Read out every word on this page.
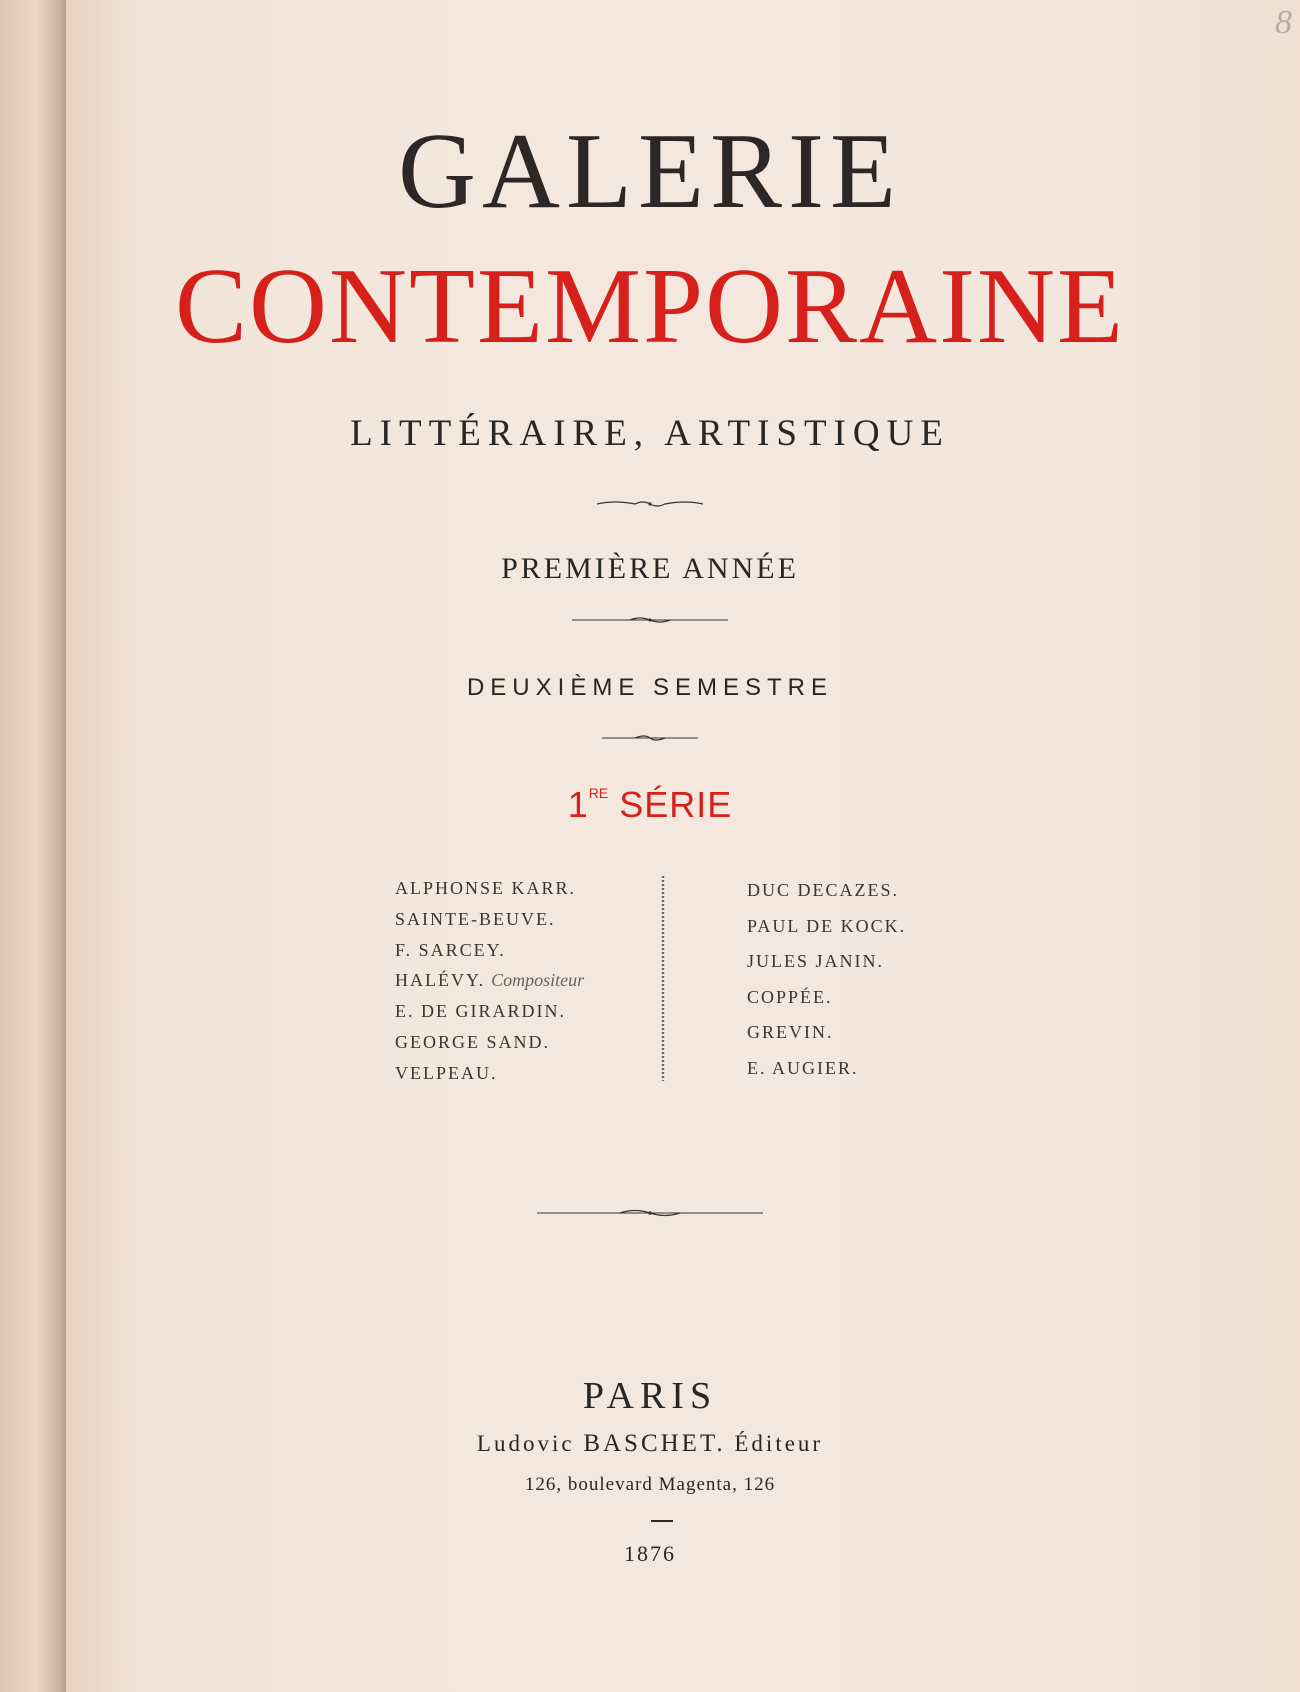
8
GALERIE
CONTEMPORAINE
LITTÉRAIRE, ARTISTIQUE
PREMIÈRE ANNÉE
DEUXIÈME SEMESTRE
1RE SÉRIE
ALPHONSE KARR.
SAINTE-BEUVE.
F. SARCEY.
HALÉVY. Compositeur
E. DE GIRARDIN.
GEORGE SAND.
VELPEAU.
DUC DECAZES.
PAUL DE KOCK.
JULES JANIN.
COPPÉE.
GREVIN.
E. AUGIER.
PARIS
Ludovic BASCHET. Éditeur
126, boulevard Magenta, 126
1876
